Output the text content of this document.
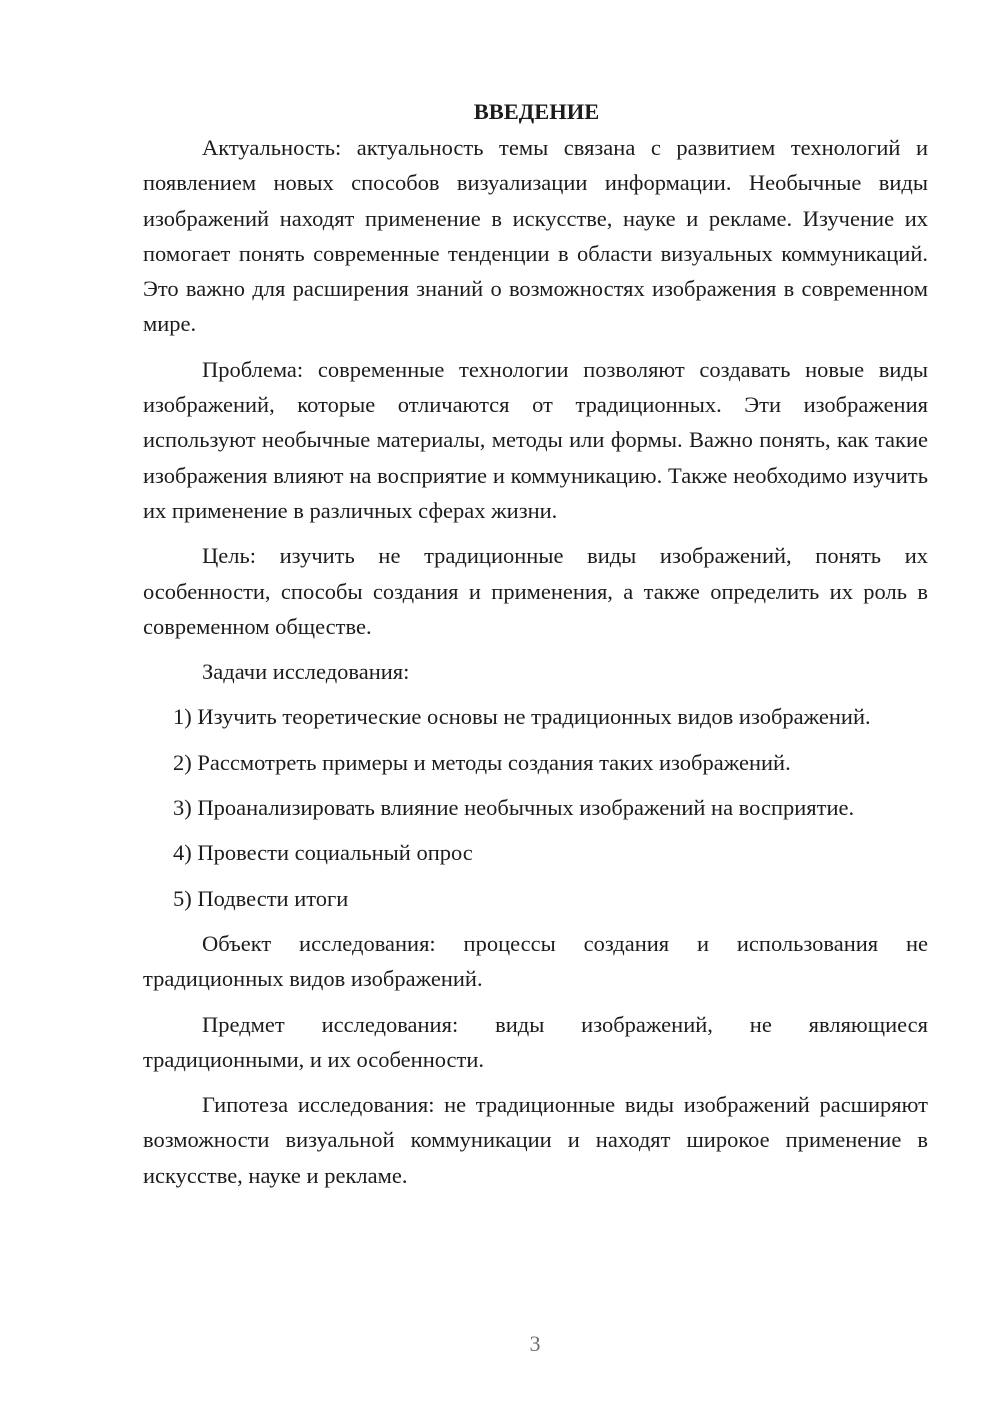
ВВЕДЕНИЕ

Актуальность: актуальность темы связана с развитием технологий и появлением новых способов визуализации информации. Необычные виды изображений находят применение в искусстве, науке и рекламе. Изучение их помогает понять современные тенденции в области визуальных коммуникаций. Это важно для расширения знаний о возможностях изображения в современном мире.

Проблема: современные технологии позволяют создавать новые виды изображений, которые отличаются от традиционных. Эти изображения используют необычные материалы, методы или формы. Важно понять, как такие изображения влияют на восприятие и коммуникацию. Также необходимо изучить их применение в различных сферах жизни.

Цель: изучить не традиционные виды изображений, понять их особенности, способы создания и применения, а также определить их роль в современном обществе.

Задачи исследования:

1) Изучить теоретические основы не традиционных видов изображений.

2) Рассмотреть примеры и методы создания таких изображений.

3) Проанализировать влияние необычных изображений на восприятие.

4) Провести социальный опрос

5) Подвести итоги

Объект исследования: процессы создания и использования не традиционных видов изображений.

Предмет исследования: виды изображений, не являющиеся традиционными, и их особенности.

Гипотеза исследования: не традиционные виды изображений расширяют возможности визуальной коммуникации и находят широкое применение в искусстве, науке и рекламе.

3
